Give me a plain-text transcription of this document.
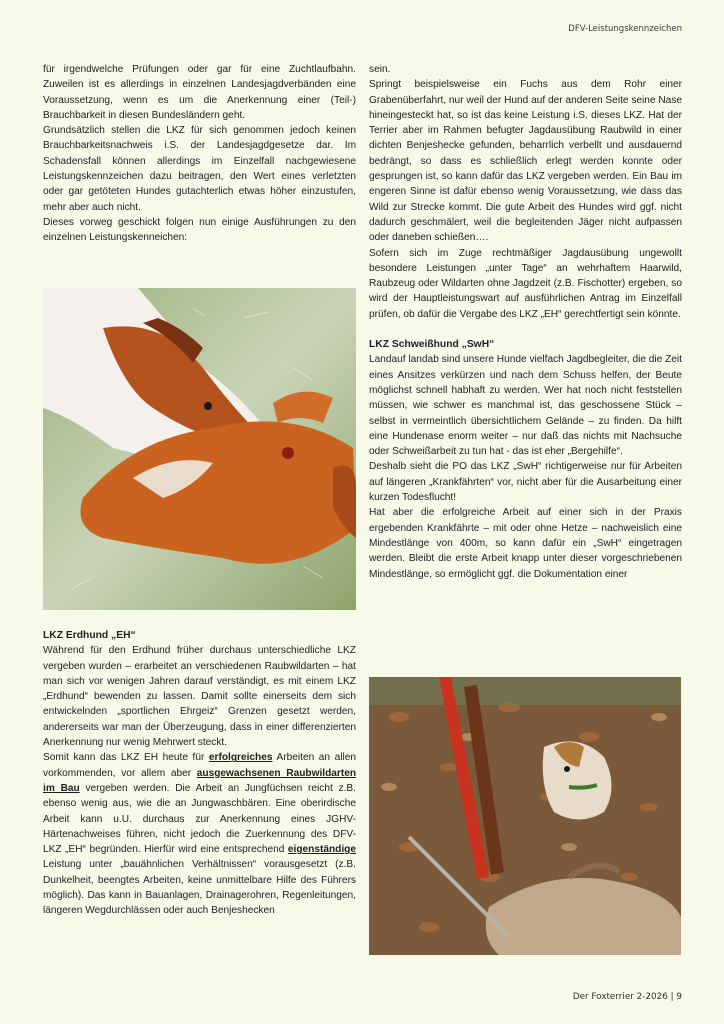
DFV-Leistungskennzeichen

für irgendwelche Prüfungen oder gar für eine Zuchtlaufbahn. Zuweilen ist es allerdings in einzelnen Landesjagdverbänden eine Voraussetzung, wenn es um die Anerkennung einer (Teil-) Brauchbarkeit in diesen Bundesländern geht.

Grundsätzlich stellen die LKZ für sich genommen jedoch keinen Brauchbarkeitsnachweis i.S. der Landesjagdgesetze dar. Im Schadensfall können allerdings im Einzelfall nachgewiesene Leistungskennzeichen dazu beitragen, den Wert eines verletzten oder gar getöteten Hundes gutachterlich etwas höher einzustufen, mehr aber auch nicht.

Dieses vorweg geschickt folgen nun einige Ausführungen zu den einzelnen Leistungskenneichen:

LKZ Erdhund „EH“

Während für den Erdhund früher durchaus unterschiedliche LKZ vergeben wurden – erarbeitet an verschiedenen Raubwildarten – hat man sich vor wenigen Jahren darauf verständigt, es mit einem LKZ „Erdhund“ bewenden zu lassen. Damit sollte einerseits dem sich entwickelnden „sportlichen Ehrgeiz“ Grenzen gesetzt werden, andererseits war man der Überzeugung, dass in einer differenzierten Anerkennung nur wenig Mehrwert steckt.

Somit kann das LKZ EH heute für erfolgreiches Arbeiten an allen vorkommenden, vor allem aber ausgewachsenen Raubwildarten im Bau vergeben werden. Die Arbeit an Jungfüchsen reicht z.B. ebenso wenig aus, wie die an Jungwaschbären. Eine oberirdische Arbeit kann u.U. durchaus zur Anerkennung eines JGHV-Härtenachweises führen, nicht jedoch die Zuerkennung des DFV- LKZ „EH“ begründen. Hierfür wird eine entsprechend eigenständige Leistung unter „bauähnlichen Verhältnissen“ vorausgesetzt (z.B. Dunkelheit, beengtes Arbeiten, keine unmittelbare Hilfe des Führers möglich). Das kann in Bauanlagen, Drainagerohren, Regenleitungen, längeren Wegdurchlässen oder auch Benjeshecken

sein.

Springt beispielsweise ein Fuchs aus dem Rohr einer Grabenüberfahrt, nur weil der Hund auf der anderen Seite seine Nase hineingesteckt hat, so ist das keine Leistung i.S. dieses LKZ. Hat der Terrier aber im Rahmen befugter Jagdausübung Raubwild in einer dichten Benjeshecke gefunden, beharrlich verbellt und ausdauernd bedrängt, so dass es schließlich erlegt werden konnte oder gesprungen ist, so kann dafür das LKZ vergeben werden. Ein Bau im engeren Sinne ist dafür ebenso wenig Voraussetzung, wie dass das Wild zur Strecke kommt. Die gute Arbeit des Hundes wird ggf. nicht dadurch geschmälert, weil die begleitenden Jäger nicht aufpassen oder daneben schießen….

Sofern sich im Zuge rechtmäßiger Jagdausübung ungewollt besondere Leistungen „unter Tage“ an wehrhaftem Haarwild, Raubzeug oder Wildarten ohne Jagdzeit (z.B. Fischotter) ergeben, so wird der Hauptleistungswart auf ausführlichen Antrag im Einzelfall prüfen, ob dafür die Vergabe des LKZ „EH“ gerechtfertigt sein könnte.

LKZ Schweißhund „SwH“

Landauf landab sind unsere Hunde vielfach Jagdbegleiter, die die Zeit eines Ansitzes verkürzen und nach dem Schuss helfen, der Beute möglichst schnell habhaft zu werden. Wer hat noch nicht feststellen müssen, wie schwer es manchmal ist, das geschossene Stück – selbst in vermeintlich übersichtlichem Gelände – zu finden. Da hilft eine Hundenase enorm weiter – nur daß das nichts mit Nachsuche oder Schweißarbeit zu tun hat - das ist eher „Bergehilfe“.

Deshalb sieht die PO das LKZ „SwH“ richtigerweise nur für Arbeiten auf längeren „Krankfährten“ vor, nicht aber für die Ausarbeitung einer kurzen Todesflucht!

Hat aber die erfolgreiche Arbeit auf einer sich in der Praxis ergebenden Krankfährte – mit oder ohne Hetze – nachweislich eine Mindestlänge von 400m, so kann dafür ein „SwH“ eingetragen werden. Bleibt die erste Arbeit knapp unter dieser vorgeschriebenen Mindestlänge, so ermöglicht ggf. die Dokumentation einer

Der Foxterrier 2-2026 | 9
